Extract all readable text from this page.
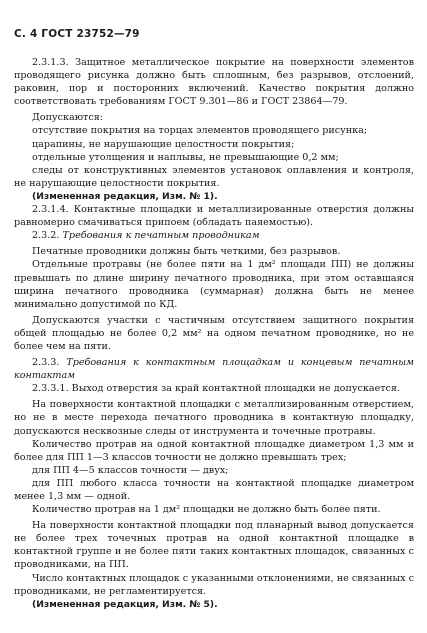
С. 4 ГОСТ 23752—79

2.3.1.3. Защитное металлическое покрытие на поверхности элементов проводящего рисунка должно быть сплошным, без разрывов, отслоений, раковин, пор и посторонних включений. Качество покрытия должно соответствовать требованиям ГОСТ 9.301—86 и ГОСТ 23864—79.

Допускаются:

отсутствие покрытия на торцах элементов проводящего рисунка;

царапины, не нарушающие целостности покрытия;

отдельные утолщения и наплывы, не превышающие 0,2 мм;

следы от конструктивных элементов установок оплавления и контроля, не нарушающие целостности покрытия.

(Измененная редакция, Изм. № 1).

2.3.1.4. Контактные площадки и металлизированные отверстия должны равномерно смачиваться припоем (обладать паяемостью).

2.3.2. Требования к печатным проводникам

Печатные проводники должны быть четкими, без разрывов.

Отдельные протравы (не более пяти на 1 дм² площади ПП) не должны превышать по длине ширину печатного проводника, при этом оставшаяся ширина печатного проводника (суммарная) должна быть не менее минимально допустимой по КД.

Допускаются участки с частичным отсутствием защитного покрытия общей площадью не более 0,2 мм² на одном печатном проводнике, но не более чем на пяти.

2.3.3. Требования к контактным площадкам и концевым печатным контактам

2.3.3.1. Выход отверстия за край контактной площадки не допускается.

На поверхности контактной площадки с металлизированным отверстием, но не в месте перехода печатного проводника в контактную площадку, допускаются несквозные следы от инструмента и точечные протравы.

Количество протрав на одной контактной площадке диаметром 1,3 мм и более для ПП 1—3 классов точности не должно превышать трех;

для ПП 4—5 классов точности — двух;

для ПП любого класса точности на контактной площадке диаметром менее 1,3 мм — одной.

Количество протрав на 1 дм² площадки не должно быть более пяти.

На поверхности контактной площадки под планарный вывод допускается не более трех точечных протрав на одной контактной площадке в контактной группе и не более пяти таких контактных площадок, связанных с проводниками, на ПП.

Число контактных площадок с указанными отклонениями, не связанных с проводниками, не регламентируется.

(Измененная редакция, Изм. № 5).
